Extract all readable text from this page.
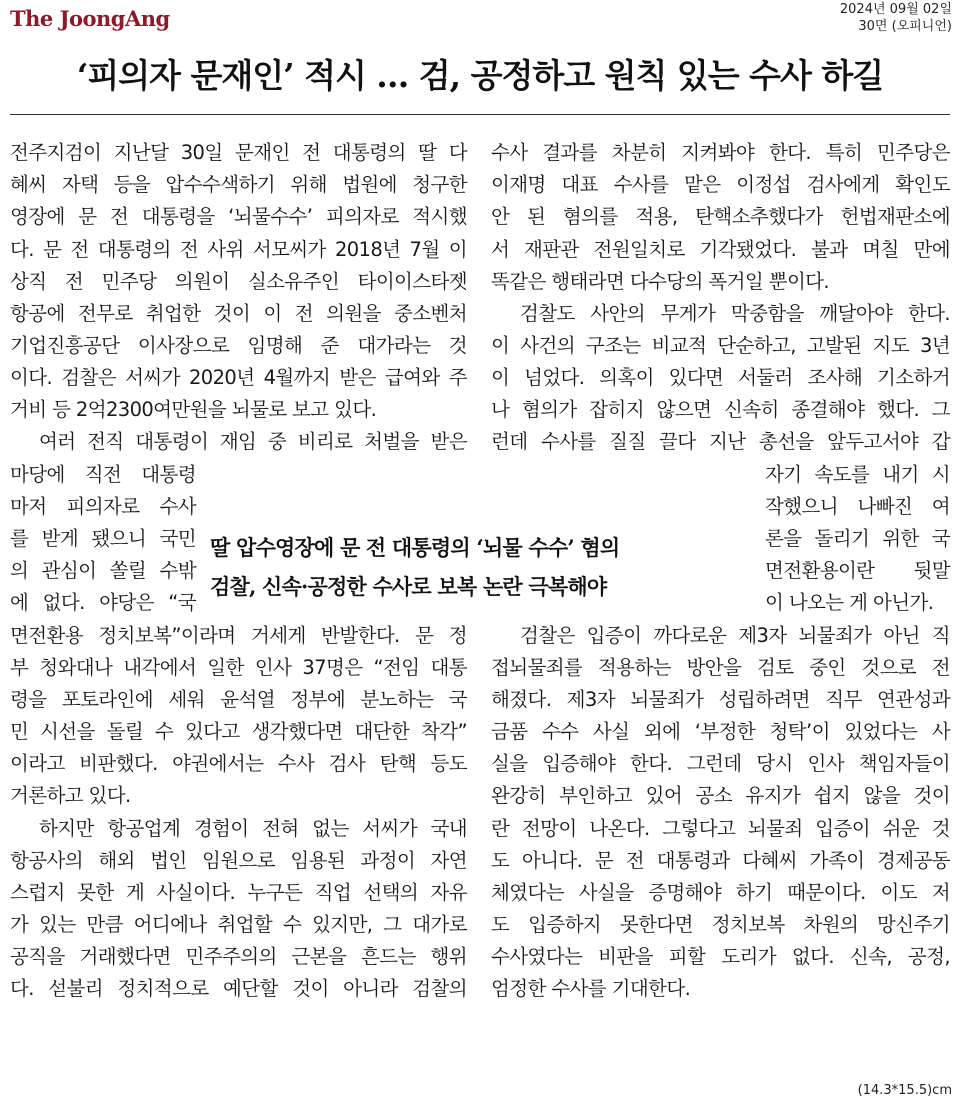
The JoongAng	2024년 09월 02일
30면 (오피니언)
‘피의자 문재인’ 적시 … 검, 공정하고 원칙 있는 수사 하길
전주지검이 지난달 30일 문재인 전 대통령의 딸 다
혜씨 자택 등을 압수수색하기 위해 법원에 청구한
영장에 문 전 대통령을 ‘뇌물수수’ 피의자로 적시했
다. 문 전 대통령의 전 사위 서모씨가 2018년 7월 이
상직 전 민주당 의원이 실소유주인 타이이스타젯
항공에 전무로 취업한 것이 이 전 의원을 중소벤처
기업진흥공단 이사장으로 임명해 준 대가라는 것
이다. 검찰은 서씨가 2020년 4월까지 받은 급여와 주
거비 등 2억2300여만원을 뇌물로 보고 있다.
여러 전직 대통령이 재임 중 비리로 처벌을 받은
마당에 직전 대통령
마저 피의자로 수사
를 받게 됐으니 국민
의 관심이 쏠릴 수밖
에 없다. 야당은 “국
면전환용 정치보복”이라며 거세게 반발한다. 문 정
부 청와대나 내각에서 일한 인사 37명은 “전임 대통
령을 포토라인에 세워 윤석열 정부에 분노하는 국
민 시선을 돌릴 수 있다고 생각했다면 대단한 착각”
이라고 비판했다. 야권에서는 수사 검사 탄핵 등도
거론하고 있다.
하지만 항공업계 경험이 전혀 없는 서씨가 국내
항공사의 해외 법인 임원으로 임용된 과정이 자연
스럽지 못한 게 사실이다. 누구든 직업 선택의 자유
가 있는 만큼 어디에나 취업할 수 있지만, 그 대가로
공직을 거래했다면 민주주의의 근본을 흔드는 행위
다. 섣불리 정치적으로 예단할 것이 아니라 검찰의
수사 결과를 차분히 지켜봐야 한다. 특히 민주당은
이재명 대표 수사를 맡은 이정섭 검사에게 확인도
안 된 혐의를 적용, 탄핵소추했다가 헌법재판소에
서 재판관 전원일치로 기각됐었다. 불과 며칠 만에
똑같은 행태라면 다수당의 폭거일 뿐이다.
검찰도 사안의 무게가 막중함을 깨달아야 한다.
이 사건의 구조는 비교적 단순하고, 고발된 지도 3년
이 넘었다. 의혹이 있다면 서둘러 조사해 기소하거
나 혐의가 잡히지 않으면 신속히 종결해야 했다. 그
런데 수사를 질질 끌다 지난 총선을 앞두고서야 갑
자기 속도를 내기 시
작했으니 나빠진 여
론을 돌리기 위한 국
면전환용이란 뒷말
이 나오는 게 아닌가.
검찰은 입증이 까다로운 제3자 뇌물죄가 아닌 직
접뇌물죄를 적용하는 방안을 검토 중인 것으로 전
해졌다. 제3자 뇌물죄가 성립하려면 직무 연관성과
금품 수수 사실 외에 ‘부정한 청탁’이 있었다는 사
실을 입증해야 한다. 그런데 당시 인사 책임자들이
완강히 부인하고 있어 공소 유지가 쉽지 않을 것이
란 전망이 나온다. 그렇다고 뇌물죄 입증이 쉬운 것
도 아니다. 문 전 대통령과 다혜씨 가족이 경제공동
체였다는 사실을 증명해야 하기 때문이다. 이도 저
도 입증하지 못한다면 정치보복 차원의 망신주기
수사였다는 비판을 피할 도리가 없다. 신속, 공정,
엄정한 수사를 기대한다.
딸 압수영장에 문 전 대통령의 ‘뇌물 수수’ 혐의
검찰, 신속·공정한 수사로 보복 논란 극복해야
(14.3*15.5)cm
